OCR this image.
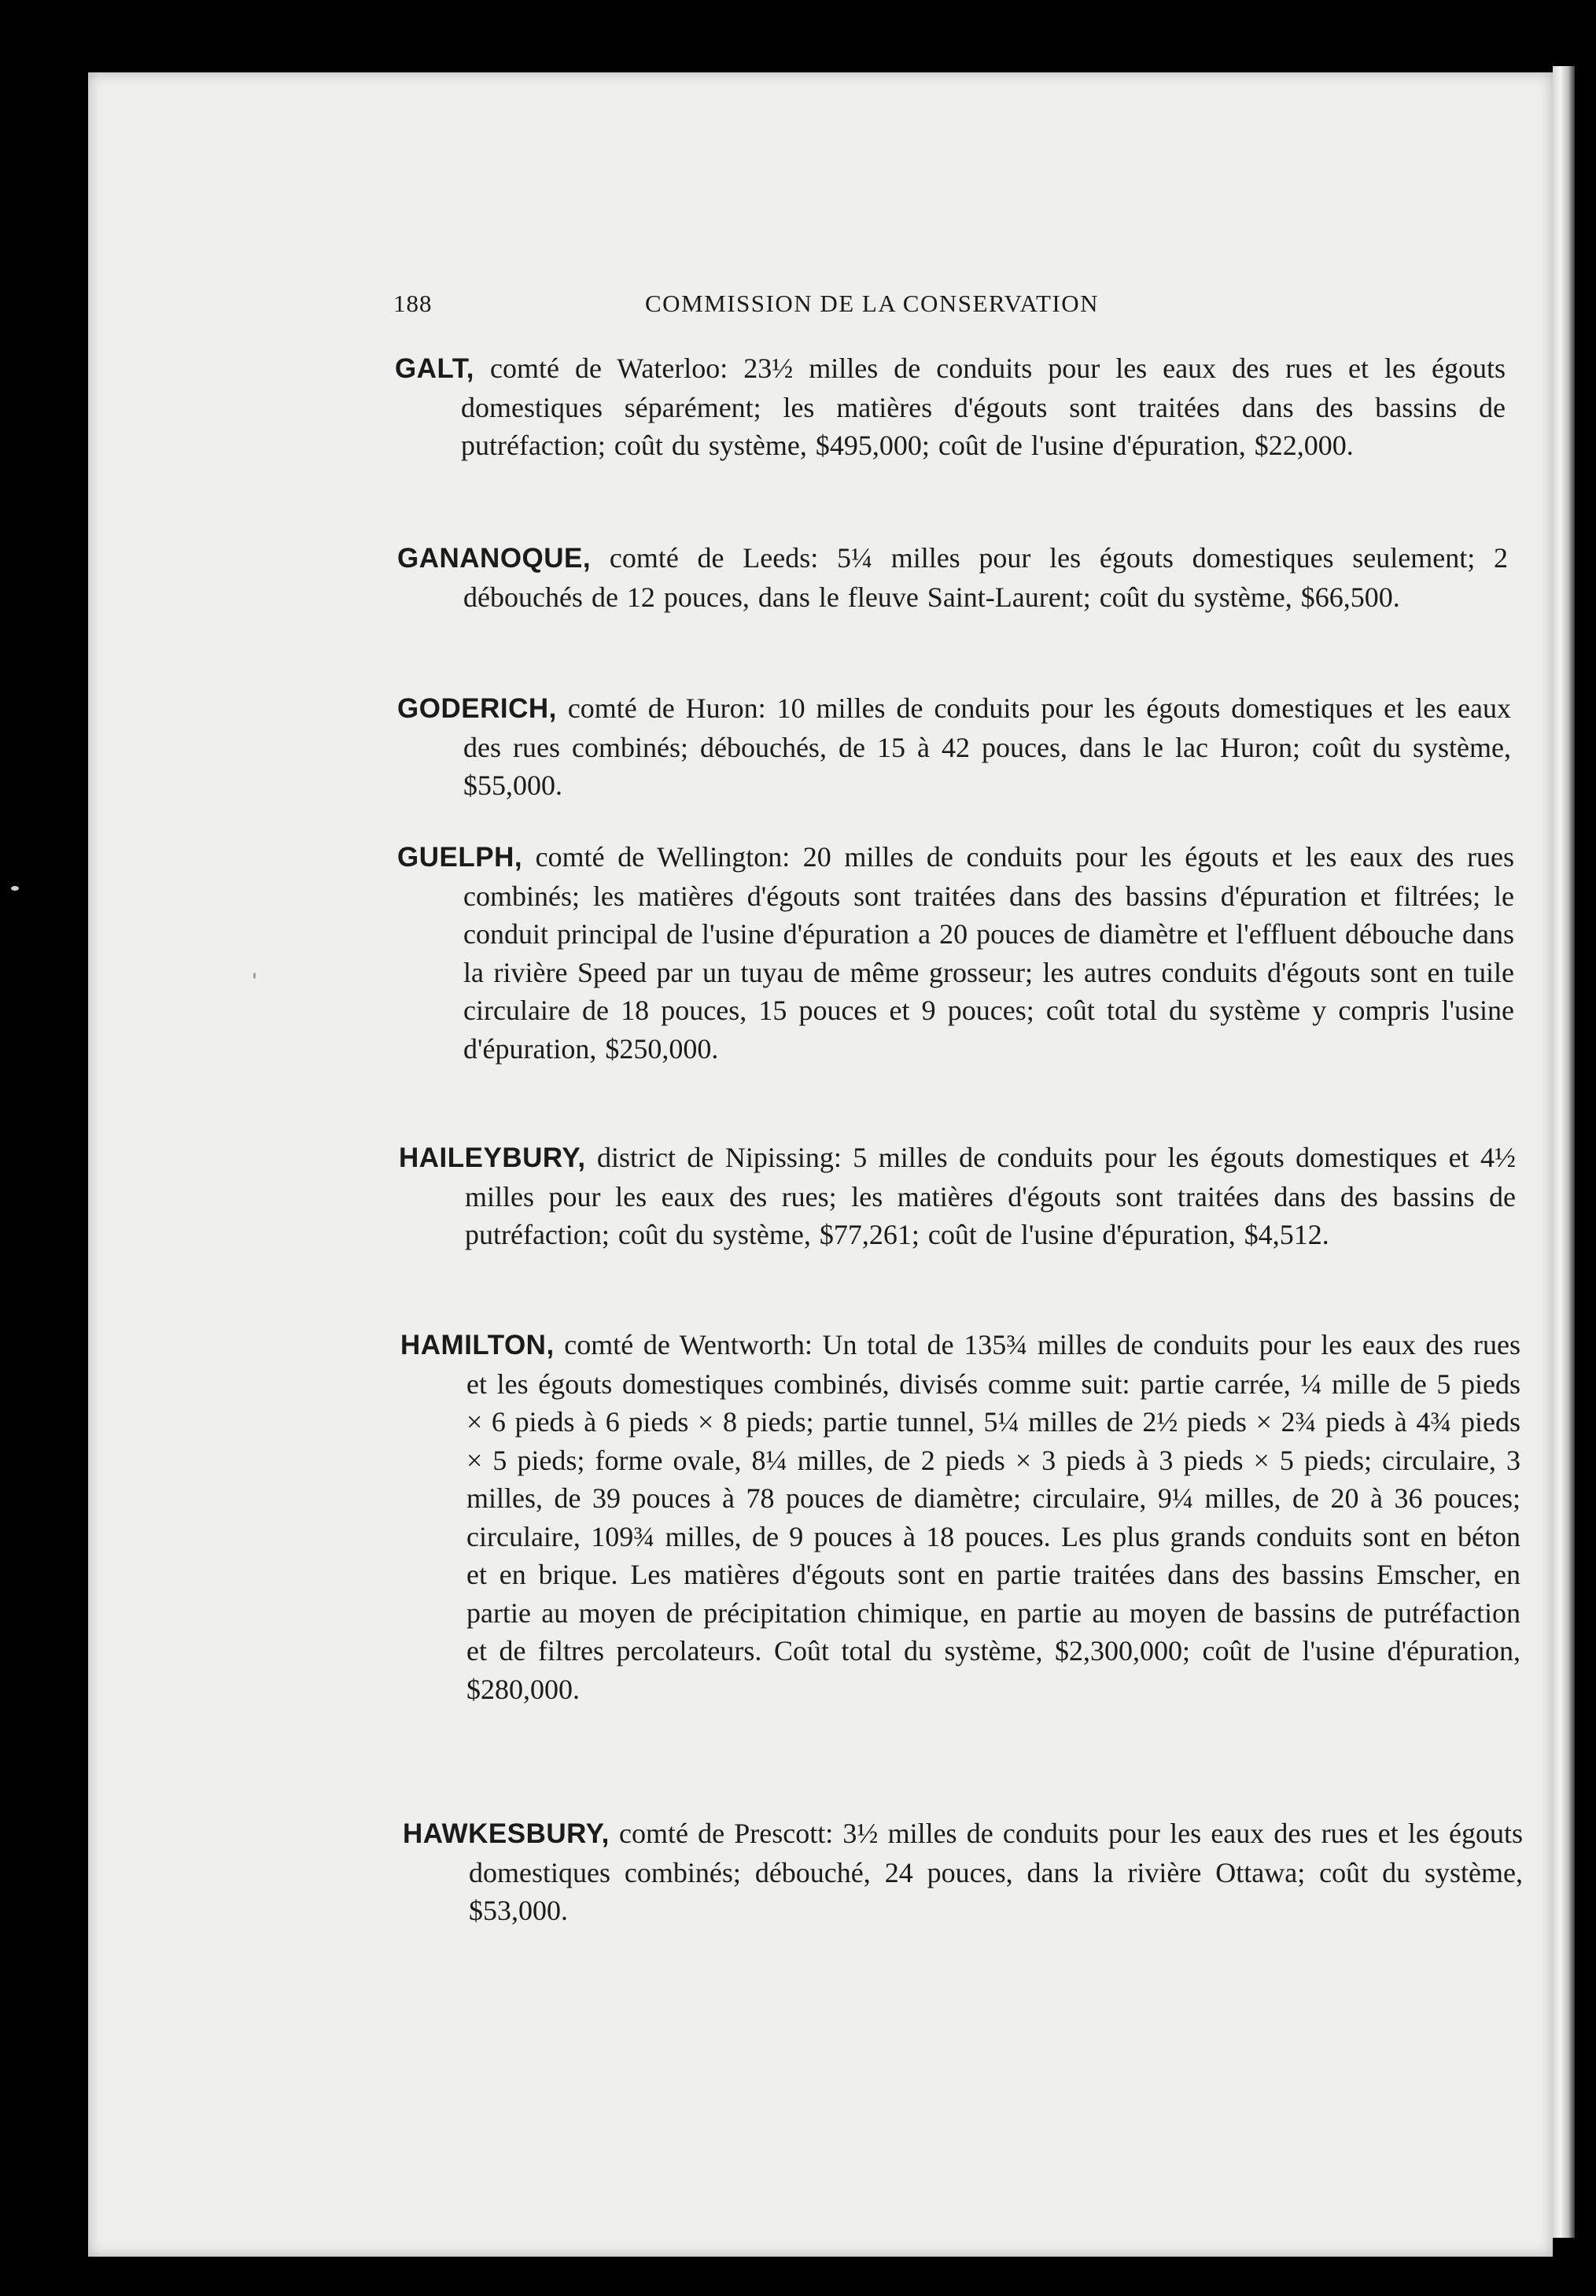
188	COMMISSION DE LA CONSERVATION

GALT, comté de Waterloo: 23½ milles de conduits pour les eaux des rues et les égouts domestiques séparément; les matières d'égouts sont traitées dans des bassins de putréfaction; coût du système, $495,000; coût de l'usine d'épuration, $22,000.

GANANOQUE, comté de Leeds: 5¼ milles pour les égouts domestiques seulement; 2 débouchés de 12 pouces, dans le fleuve Saint-Laurent; coût du système, $66,500.

GODERICH, comté de Huron: 10 milles de conduits pour les égouts domestiques et les eaux des rues combinés; débouchés, de 15 à 42 pouces, dans le lac Huron; coût du système, $55,000.

GUELPH, comté de Wellington: 20 milles de conduits pour les égouts et les eaux des rues combinés; les matières d'égouts sont traitées dans des bassins d'épuration et filtrées; le conduit principal de l'usine d'épuration a 20 pouces de diamètre et l'effluent débouche dans la rivière Speed par un tuyau de même grosseur; les autres conduits d'égouts sont en tuile circulaire de 18 pouces, 15 pouces et 9 pouces; coût total du système y compris l'usine d'épuration, $250,000.

HAILEYBURY, district de Nipissing: 5 milles de conduits pour les égouts domestiques et 4½ milles pour les eaux des rues; les matières d'égouts sont traitées dans des bassins de putréfaction; coût du système, $77,261; coût de l'usine d'épuration, $4,512.

HAMILTON, comté de Wentworth: Un total de 135¾ milles de conduits pour les eaux des rues et les égouts domestiques combinés, divisés comme suit: partie carrée, ¼ mille de 5 pieds × 6 pieds à 6 pieds × 8 pieds; partie tunnel, 5¼ milles de 2½ pieds × 2¾ pieds à 4¾ pieds × 5 pieds; forme ovale, 8¼ milles, de 2 pieds × 3 pieds à 3 pieds × 5 pieds; circulaire, 3 milles, de 39 pouces à 78 pouces de diamètre; circulaire, 9¼ milles, de 20 à 36 pouces; circulaire, 109¾ milles, de 9 pouces à 18 pouces. Les plus grands conduits sont en béton et en brique. Les matières d'égouts sont en partie traitées dans des bassins Emscher, en partie au moyen de précipitation chimique, en partie au moyen de bassins de putréfaction et de filtres percolateurs. Coût total du système, $2,300,000; coût de l'usine d'épuration, $280,000.

HAWKESBURY, comté de Prescott: 3½ milles de conduits pour les eaux des rues et les égouts domestiques combinés; débouché, 24 pouces, dans la rivière Ottawa; coût du système, $53,000.
